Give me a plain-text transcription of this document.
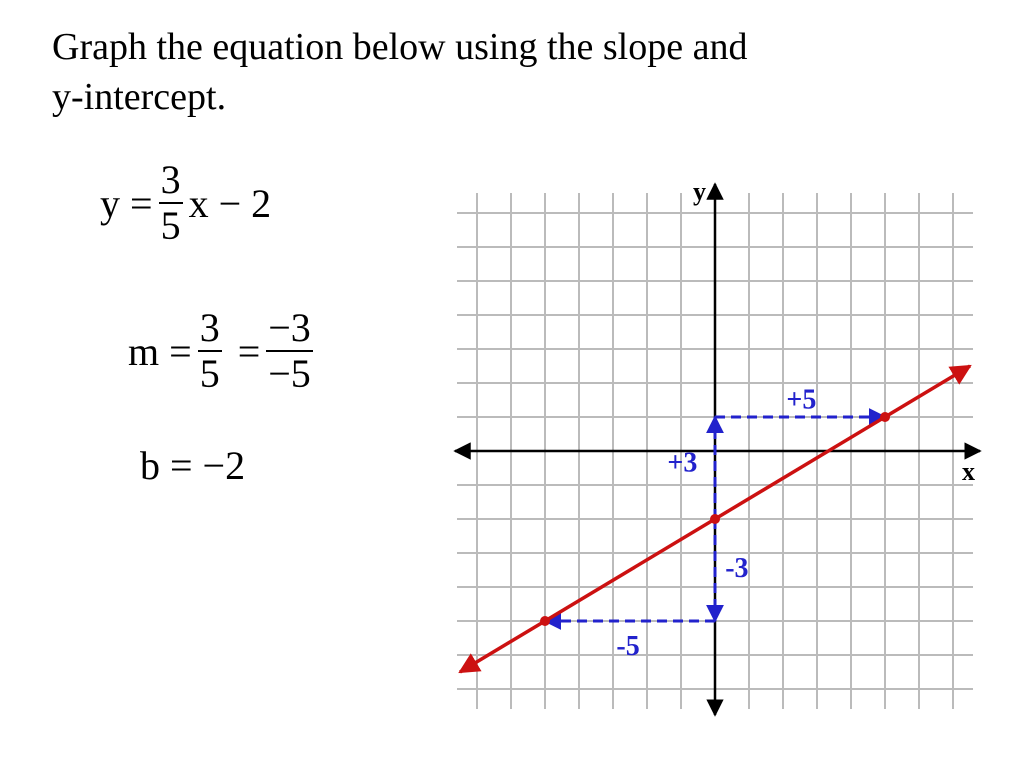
Graph the equation below using the slope and
y-intercept.
$y = \frac{3}{5}$ x − 2
$m = \frac{3}{5} = \frac{-3}{-5}$
b = −2	x
y
+3
+5
-3
-5
